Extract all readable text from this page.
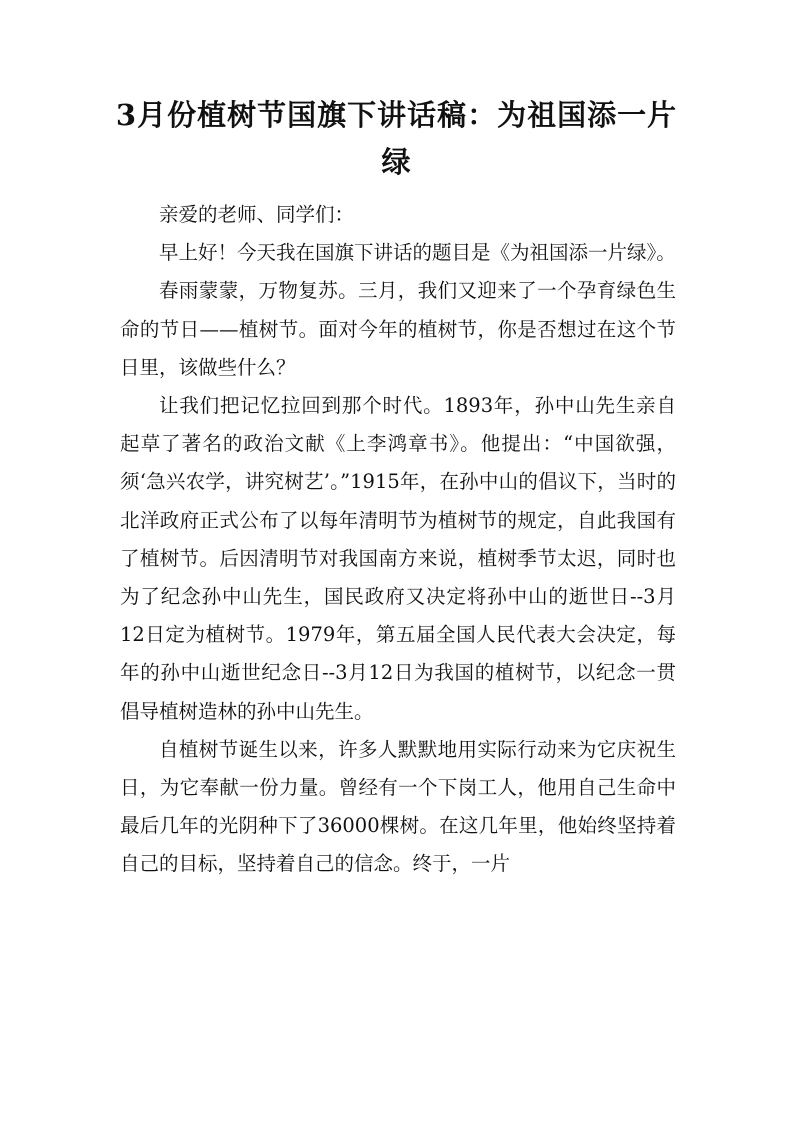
3月份植树节国旗下讲话稿：为祖国添一片绿

亲爱的老师、同学们：

早上好！今天我在国旗下讲话的题目是《为祖国添一片绿》。

春雨蒙蒙，万物复苏。三月，我们又迎来了一个孕育绿色生命的节日——植树节。面对今年的植树节，你是否想过在这个节日里，该做些什么？

让我们把记忆拉回到那个时代。1893年，孙中山先生亲自起草了著名的政治文献《上李鸿章书》。他提出：“中国欲强，须‘急兴农学，讲究树艺’。”1915年，在孙中山的倡议下，当时的北洋政府正式公布了以每年清明节为植树节的规定，自此我国有了植树节。后因清明节对我国南方来说，植树季节太迟，同时也为了纪念孙中山先生，国民政府又决定将孙中山的逝世日--3月12日定为植树节。1979年，第五届全国人民代表大会决定，每年的孙中山逝世纪念日--3月12日为我国的植树节，以纪念一贯倡导植树造林的孙中山先生。

自植树节诞生以来，许多人默默地用实际行动来为它庆祝生日，为它奉献一份力量。曾经有一个下岗工人，他用自己生命中最后几年的光阴种下了36000棵树。在这几年里，他始终坚持着自己的目标，坚持着自己的信念。终于，一片
